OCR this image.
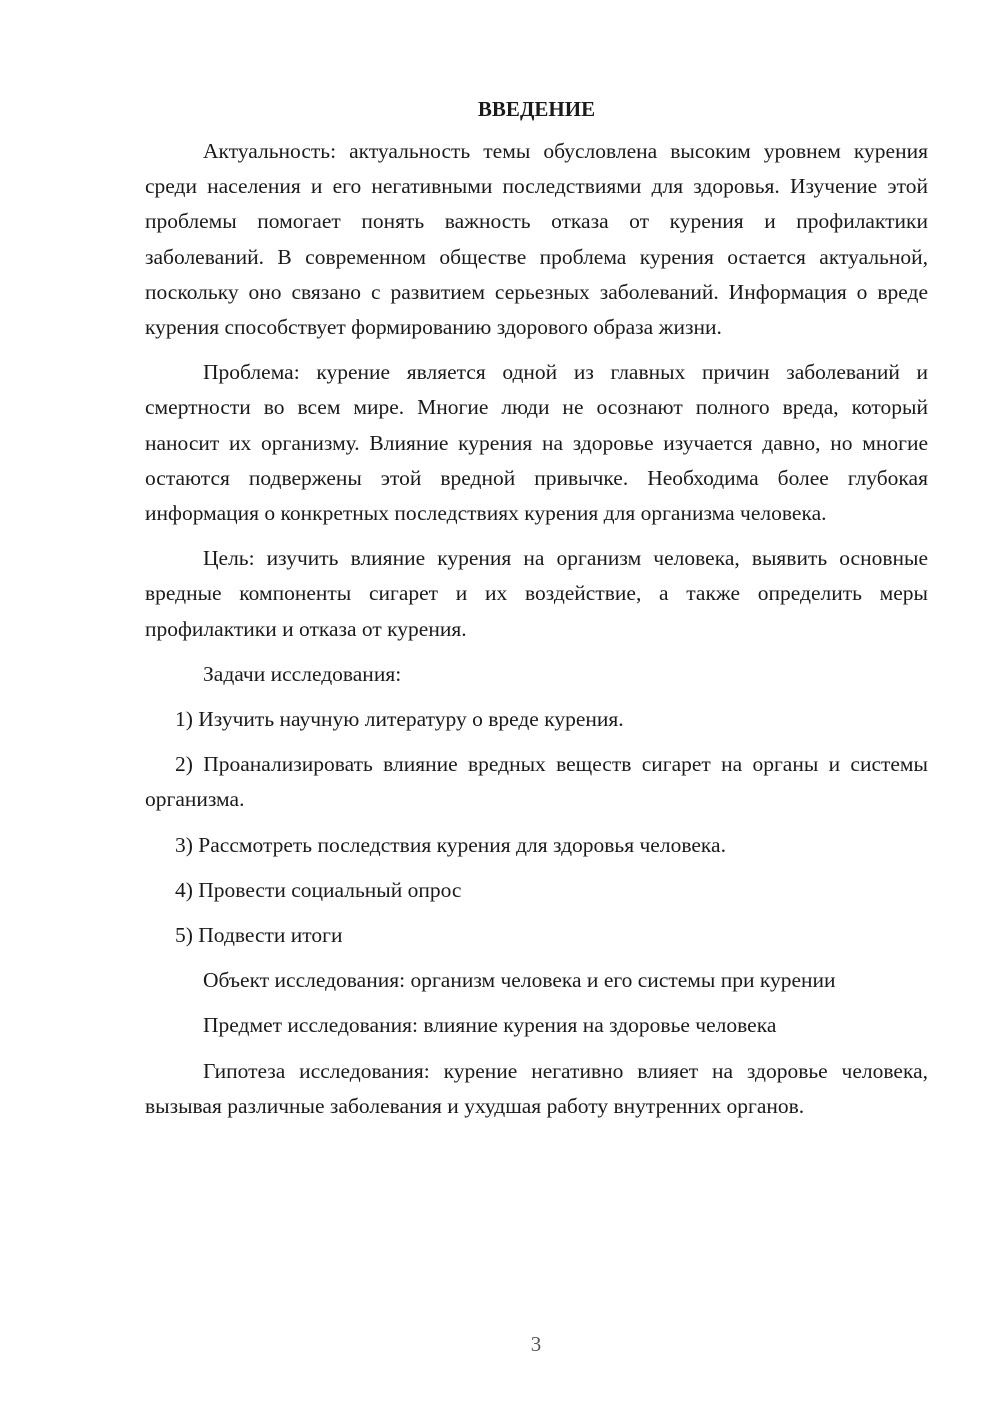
ВВЕДЕНИЕ

Актуальность: актуальность темы обусловлена высоким уровнем курения среди населения и его негативными последствиями для здоровья. Изучение этой проблемы помогает понять важность отказа от курения и профилактики заболеваний. В современном обществе проблема курения остается актуальной, поскольку оно связано с развитием серьезных заболеваний. Информация о вреде курения способствует формированию здорового образа жизни.

Проблема: курение является одной из главных причин заболеваний и смертности во всем мире. Многие люди не осознают полного вреда, который наносит их организму. Влияние курения на здоровье изучается давно, но многие остаются подвержены этой вредной привычке. Необходима более глубокая информация о конкретных последствиях курения для организма человека.

Цель: изучить влияние курения на организм человека, выявить основные вредные компоненты сигарет и их воздействие, а также определить меры профилактики и отказа от курения.

Задачи исследования:

1) Изучить научную литературу о вреде курения.

2) Проанализировать влияние вредных веществ сигарет на органы и системы организма.

3) Рассмотреть последствия курения для здоровья человека.

4) Провести социальный опрос

5) Подвести итоги

Объект исследования: организм человека и его системы при курении

Предмет исследования: влияние курения на здоровье человека

Гипотеза исследования: курение негативно влияет на здоровье человека, вызывая различные заболевания и ухудшая работу внутренних органов.

3
